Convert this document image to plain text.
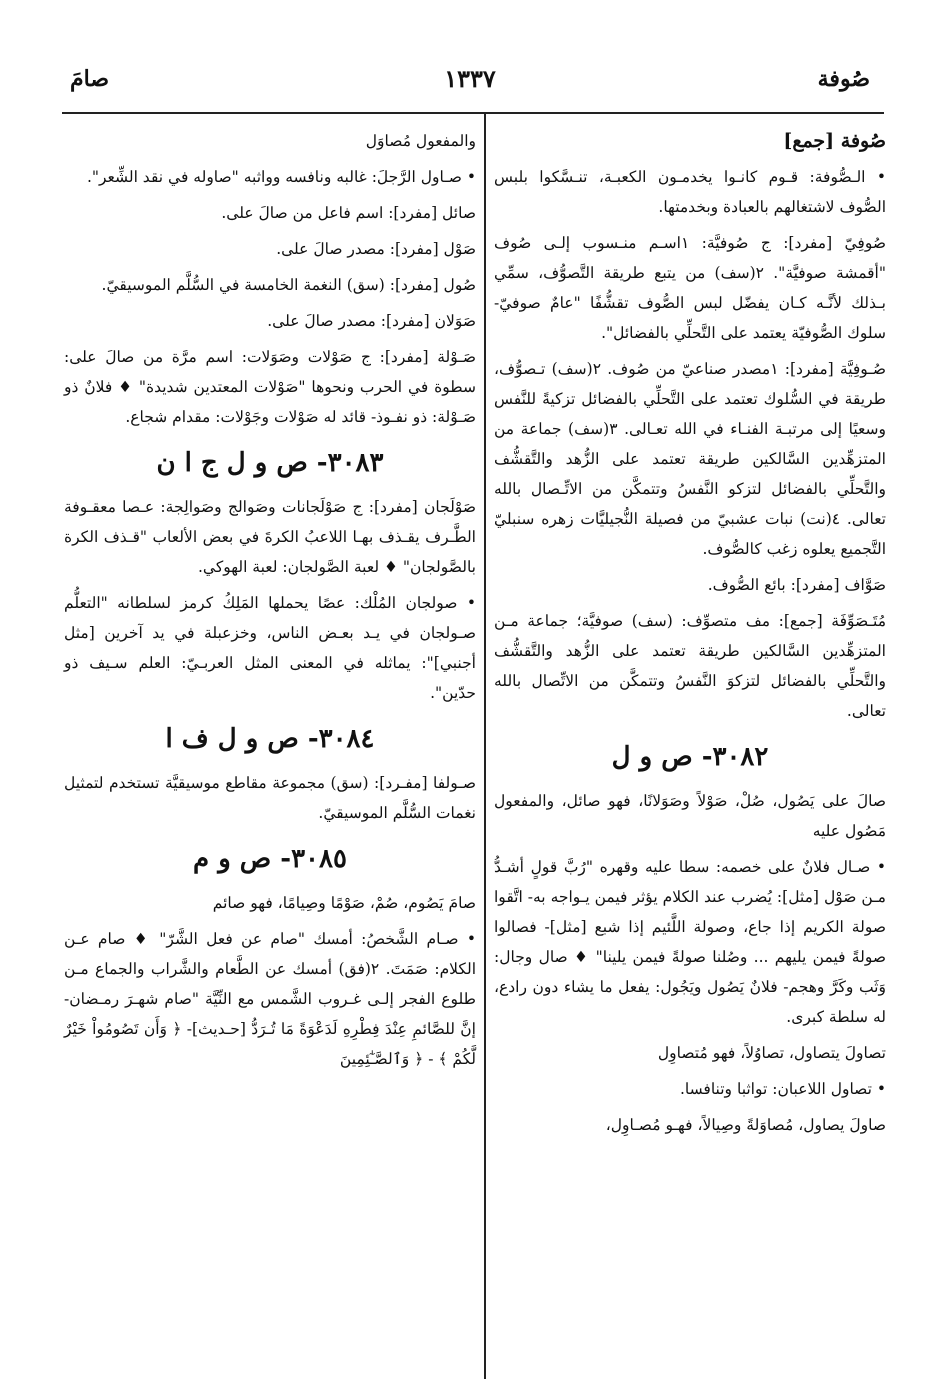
صُوفة
١٣٣٧
صامَ

صُوفة [جمع]

• الـصُّوفة: قـوم كانـوا يخدمـون الكعبـة، تنـسَّكوا بلبس الصُّوف لاشتغالهم بالعبادة وبخدمتها.

صُوفِيّ [مفرد]: ج صُوفيَّة: ١اسـم منـسوب إلـى صُوف "أقمشة صوفيَّة". ٢(سف) من يتبع طريقة التَّصوُّف، سمِّي بـذلك لأنَّـه كـان يفضّل لبس الصُّوف تقشُّفًا "عامٌ صوفيّ- سلوك الصُّوفيّة يعتمد على التَّحلِّي بالفضائل".

صُـوفِيَّة [مفرد]: ١مصدر صناعيّ من صُوف. ٢(سف) تـصوُّف، طريقة في السُّلوك تعتمد على التَّحلِّي بالفضائل تزكيةً للنَّفس وسعيًا إلى مرتبـة الفنـاء في الله تعـالى. ٣(سف) جماعة من المتزهِّدين السَّالكين طريقة تعتمد على الزُّهد والتَّقشُّف والتَّحلِّي بالفضائل لتزكو النَّفسُ وتتمكَّن من الاتِّـصال بالله تعالى. ٤(نت) نبات عشبيّ من فصيلة النُّجيليَّات زهره سنبليّ التَّجميع يعلوه زغب كالصُّوف.

صَوَّاف [مفرد]: بائع الصُّوف.

مُتَـصَوِّفَة [جمع]: مف متصوِّف: (سف) صوفيَّة؛ جماعة مـن المتزهِّدين السَّالكين طريقة تعتمد على الزُّهد والتَّقشُّف والتَّحلِّي بالفضائل لتزكوَ النَّفسُ وتتمكَّن من الاتِّصال بالله تعالى.

٣٠٨٢- ص و ل

صالَ على يَصُول، صُلْ، صَوْلاً وصَوَلانًا، فهو صائل، والمفعول مَصُول عليه

• صـال فلانٌ على خصمه: سطا عليه وقهره "رُبَّ قولٍ أشـدُّ مـن صَوْل [مثل]: يُضرب عند الكلام يؤثر فيمن يـواجه به- اتَّقوا صولة الكريم إذا جاع، وصولة اللَّئيم إذا شبع [مثل]- فصالوا صولةً فيمن يليهم ... وصُلنا صولةً فيمن يلينا" ♦ صال وجال: وَثَب وكَرَّ وهجم- فلانٌ يَصُول ويَجُول: يفعل ما يشاء دون رادع، له سلطة كبرى.

تصاولَ يتصاول، تصاوُلاً، فهو مُتصاوِل

• تصاول اللاعبان: تواثبا وتنافسا.

صاولَ يصاول، مُصاوَلةً وصِيالاً، فهـو مُصـاوِل،

والمفعول مُصاوَل

• صـاول الرَّجلَ: غالبه ونافسه وواثبه "صاوله في نقد الشِّعر".

صائل [مفرد]: اسم فاعل من صالَ على.

صَوْل [مفرد]: مصدر صالَ على.

صُول [مفرد]: (سق) النغمة الخامسة في السُّلَّم الموسيقيّ.

صَوَلان [مفرد]: مصدر صالَ على.

صَـوْلة [مفرد]: ج صَوْلات وصَوَلات: اسم مرَّة من صالَ على: سطوة في الحرب ونحوها "صَوْلات المعتدين شديدة" ♦ فلانٌ ذو صَـوْلة: ذو نفـوذ- قائد له صَوْلات وجَوْلات: مقدام شجاع.

٣٠٨٣- ص و ل ج ا ن

صَوْلَجان [مفرد]: ج صَوْلَجانات وصَوالج وصَوالِجة: عـصا معقـوفة الطَّـرف يقـذف بهـا اللاعبُ الكرةَ في بعض الألعاب "قـذف الكرة بالصَّولجان" ♦ لعبة الصَّولجان: لعبة الهوكي.

• صولجان المُلْك: عصًا يحملها المَلِكُ كرمز لسلطانه "التعلُّم صـولجان في يـد بعـض الناس، وخزعبلة في يد آخرين [مثل أجنبي]": يماثله في المعنى المثل العربـيّ: العلم سـيف ذو حدّين".

٣٠٨٤- ص و ل ف ا

صـولفا [مفـرد]: (سق) مجموعة مقاطع موسيقيَّة تستخدم لتمثيل نغمات السُّلَّم الموسيقيّ.

٣٠٨٥- ص و م

صامَ يَصُوم، صُمْ، صَوْمًا وصِيامًا، فهو صائم

• صـام الشَّخصُ: أمسك "صام عن فعل الشَّرّ" ♦ صام عـن الكلام: صَمَتَ. ٢(فق) أمسك عن الطَّعام والشَّراب والجماع مـن طلوع الفجر إلـى غـروب الشَّمس مع النِّيَّة "صام شهـرَ رمـضان- إنَّ للصَّائمِ عِنْدَ فِطْرِهِ لَدَعْوَةً مَا تُـرَدُّ [حـديث]- ﴿ وَأَن تَصُومُواْ خَيْرٌ لَّكُمْ ﴾ - ﴿ وَٱلصَّـٰٓئِمِينَ
